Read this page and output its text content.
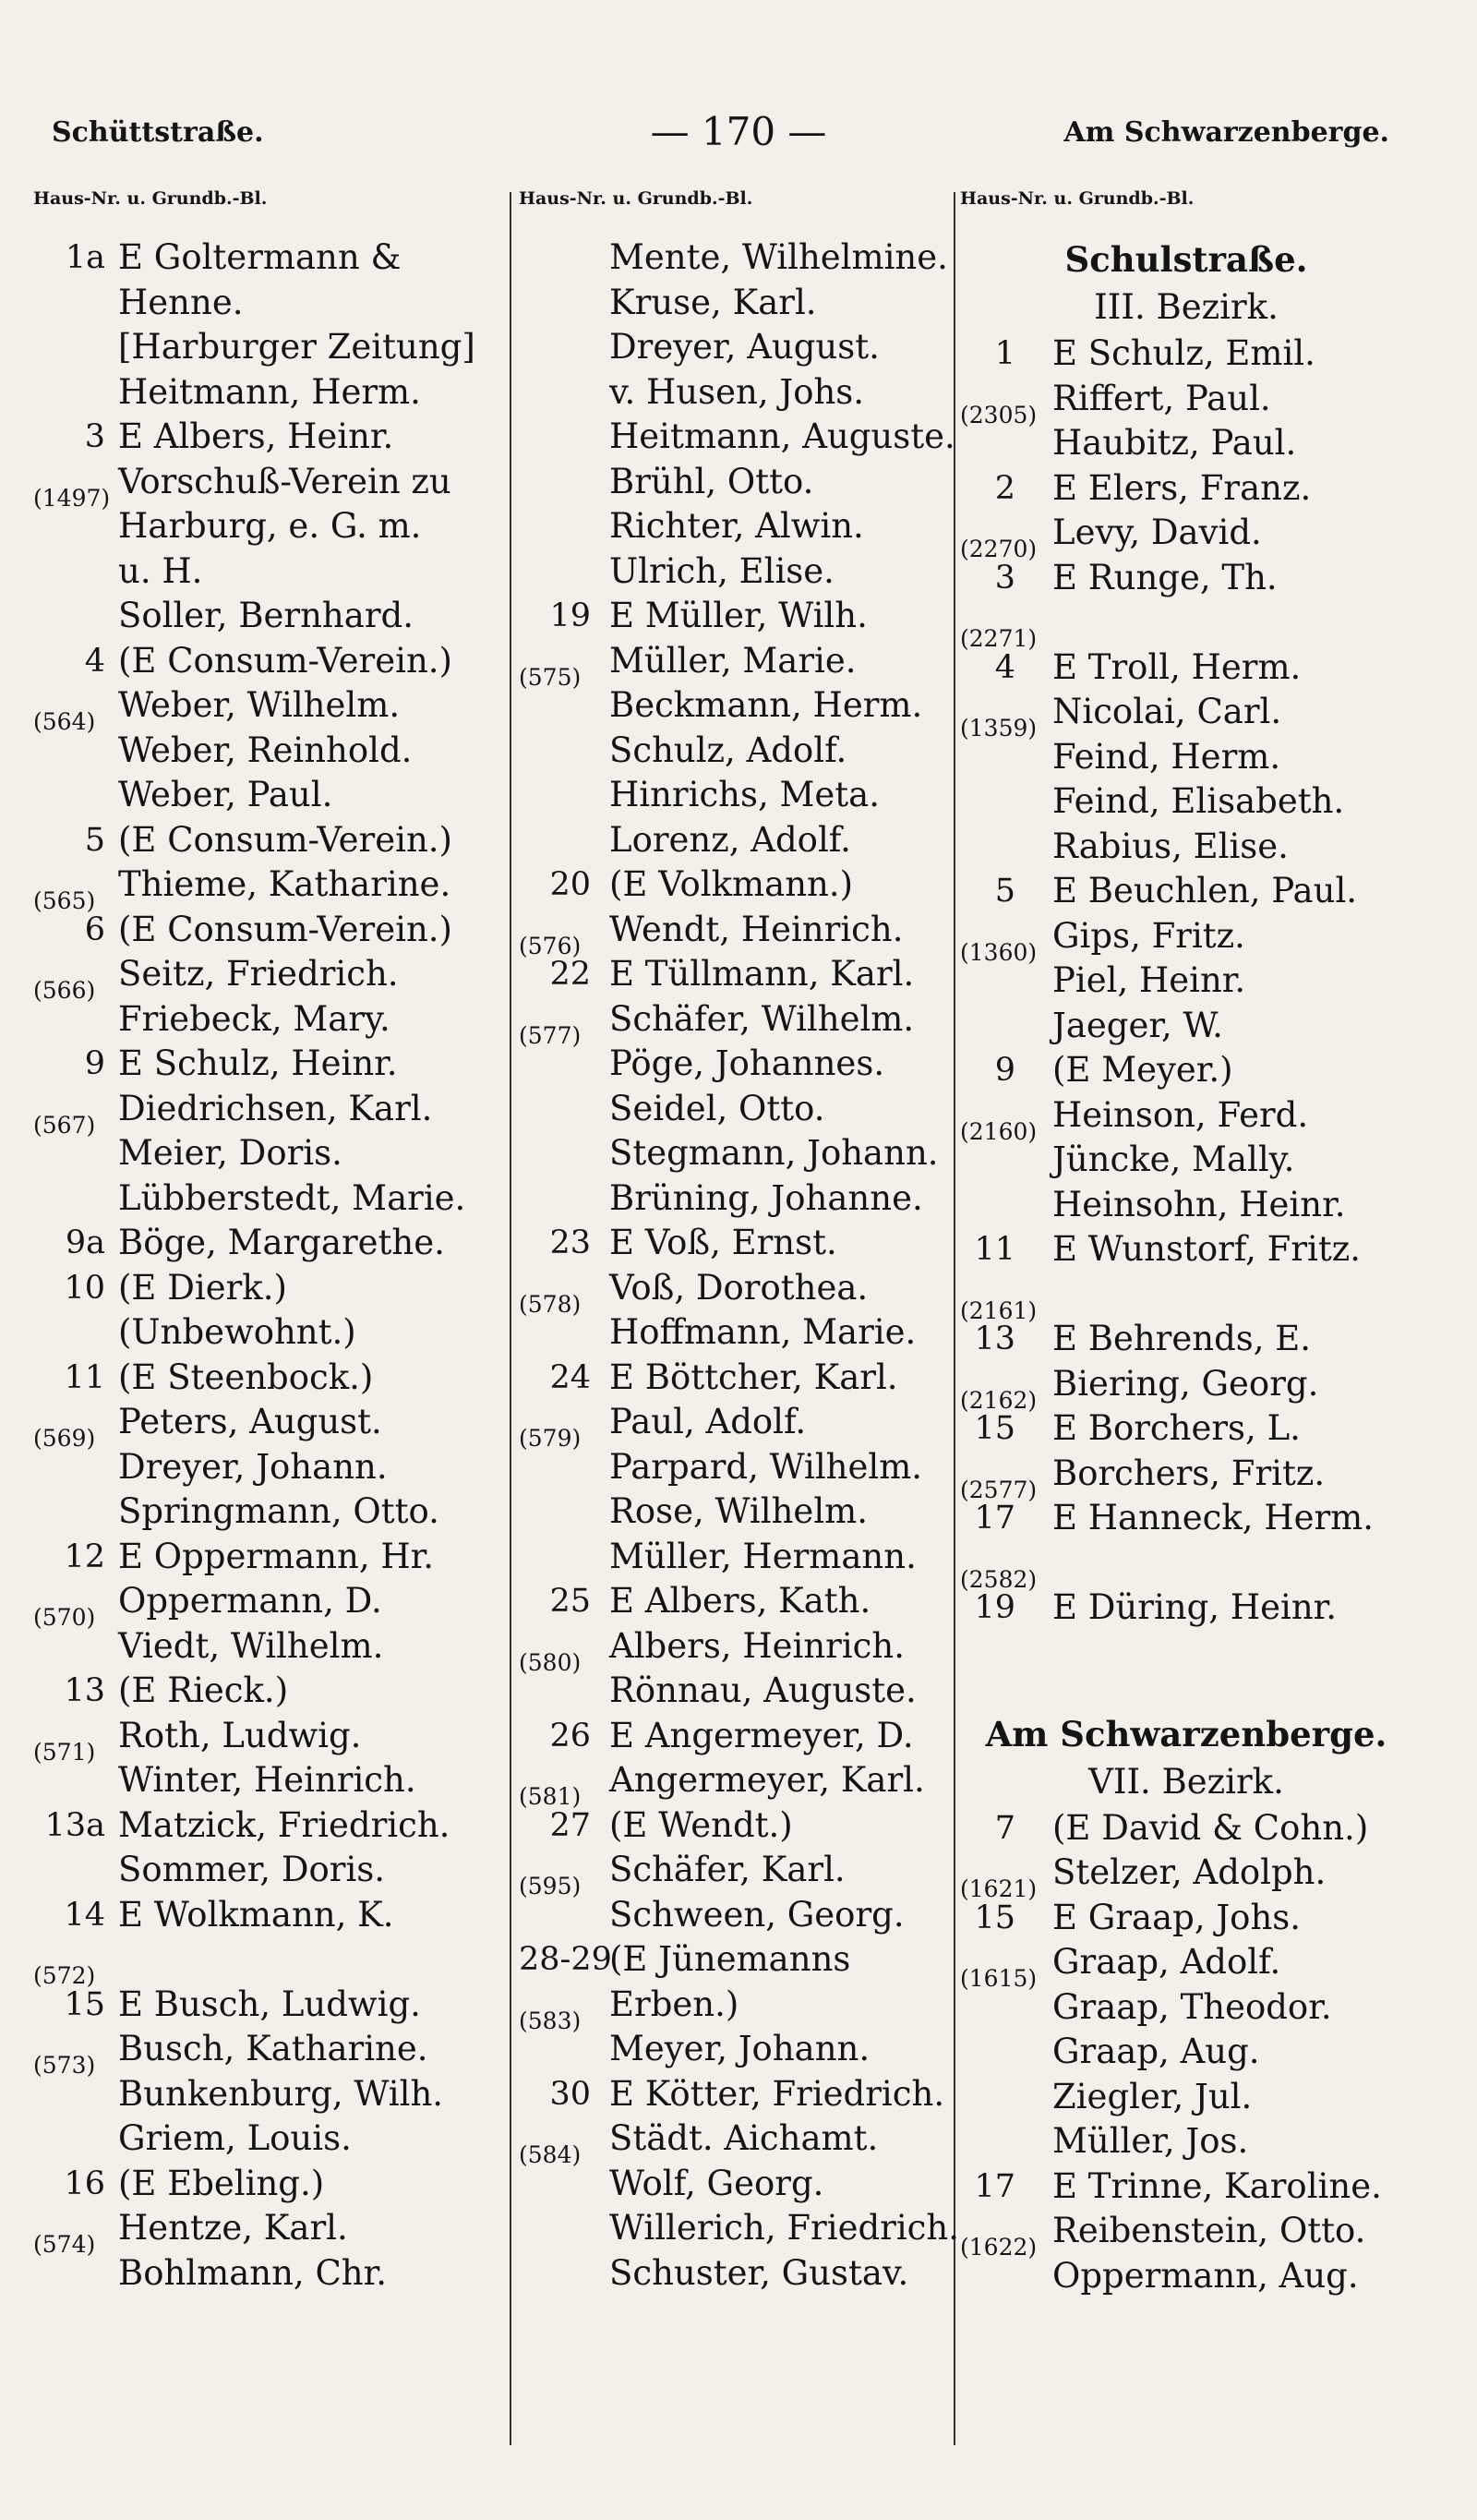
Schüttstraße.	— 170 —	Am Schwarzenberge.
Haus-Nr. u. Grundb.-Bl.
1a E Goltermann &
Henne.
[Harburger Zeitung]
Heitmann, Herm.
3 E Albers, Heinr.
(1497) Vorschuß-Verein zu
Harburg, e. G. m.
u. H.
Soller, Bernhard.
4 (E Consum-Verein.)
(564) Weber, Wilhelm.
Weber, Reinhold.
Weber, Paul.
5 (E Consum-Verein.)
(565) Thieme, Katharine.
6 (E Consum-Verein.)
(566) Seitz, Friedrich.
Friebeck, Mary.
9 E Schulz, Heinr.
(567) Diedrichsen, Karl.
Meier, Doris.
Lübberstedt, Marie.
9a Böge, Margarethe.
10 (E Dierk.)
(Unbewohnt.)
11 (E Steenbock.)
(569) Peters, August.
Dreyer, Johann.
Springmann, Otto.
12 E Oppermann, Hr.
(570) Oppermann, D.
Viedt, Wilhelm.
13 (E Rieck.)
(571) Roth, Ludwig.
Winter, Heinrich.
13a Matzick, Friedrich.
Sommer, Doris.
14 E Wolkmann, K.
(572)
15 E Busch, Ludwig.
(573) Busch, Katharine.
Bunkenburg, Wilh.
Griem, Louis.
16 (E Ebeling.)
(574) Hentze, Karl.
Bohlmann, Chr.
Haus-Nr. u. Grundb.-Bl.
Mente, Wilhelmine.
Kruse, Karl.
Dreyer, August.
v. Husen, Johs.
Heitmann, Auguste.
Brühl, Otto.
Richter, Alwin.
Ulrich, Elise.
19 E Müller, Wilh.
(575) Müller, Marie.
Beckmann, Herm.
Schulz, Adolf.
Hinrichs, Meta.
Lorenz, Adolf.
20 (E Volkmann.)
(576) Wendt, Heinrich.
22 E Tüllmann, Karl.
(577) Schäfer, Wilhelm.
Pöge, Johannes.
Seidel, Otto.
Stegmann, Johann.
Brüning, Johanne.
23 E Voß, Ernst.
(578) Voß, Dorothea.
Hoffmann, Marie.
24 E Böttcher, Karl.
(579) Paul, Adolf.
Parpard, Wilhelm.
Rose, Wilhelm.
Müller, Hermann.
25 E Albers, Kath.
(580) Albers, Heinrich.
Rönnau, Auguste.
26 E Angermeyer, D.
(581) Angermeyer, Karl.
27 (E Wendt.)
(595) Schäfer, Karl.
Schween, Georg.
28-29
(E Jünemanns
(583) Erben.)
Meyer, Johann.
30 E Kötter, Friedrich.
(584) Städt. Aichamt.
Wolf, Georg.
Willerich, Friedrich.
Schuster, Gustav.
Haus-Nr. u. Grundb.-Bl.
Schulstraße.
III. Bezirk.
1 E Schulz, Emil.
(2305) Riffert, Paul.
Haubitz, Paul.
2 E Elers, Franz.
(2270) Levy, David.
3 E Runge, Th.
(2271)
4 E Troll, Herm.
(1359) Nicolai, Carl.
Feind, Herm.
Feind, Elisabeth.
Rabius, Elise.
5 E Beuchlen, Paul.
(1360) Gips, Fritz.
Piel, Heinr.
Jaeger, W.
9 (E Meyer.)
(2160) Heinson, Ferd.
Jüncke, Mally.
Heinsohn, Heinr.
11 E Wunstorf, Fritz.
(2161)
13 E Behrends, E.
(2162) Biering, Georg.
15 E Borchers, L.
(2577) Borchers, Fritz.
17 E Hanneck, Herm.
(2582)
19 E Düring, Heinr.
Am Schwarzenberge.
VII. Bezirk.
7 (E David & Cohn.)
(1621) Stelzer, Adolph.
15 E Graap, Johs.
(1615) Graap, Adolf.
Graap, Theodor.
Graap, Aug.
Ziegler, Jul.
Müller, Jos.
17 E Trinne, Karoline.
(1622) Reibenstein, Otto.
Oppermann, Aug.
